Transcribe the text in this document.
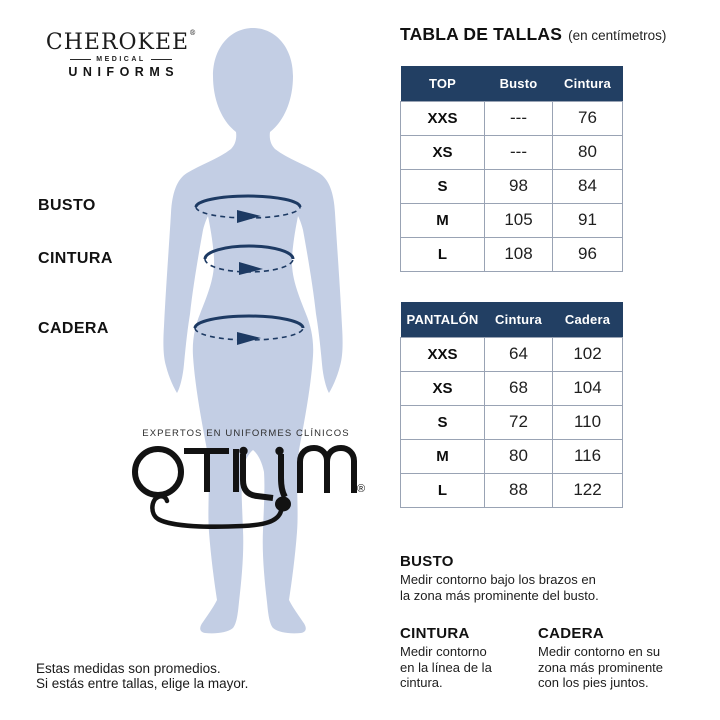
CHEROKEE®
MEDICAL
UNIFORMS
TABLA DE TALLAS (en centímetros)
BUSTO
CINTURA
CADERA
TOP	Busto	Cintura
XXS	---	76
XS	---	80
S	98	84
M	105	91
L	108	96
PANTALÓN	Cintura	Cadera
XXS	64	102
XS	68	104
S	72	110
M	80	116
L	88	122
EXPERTOS EN UNIFORMES CLÍNICOS
®
BUSTO

Medir contorno bajo los brazos en
la zona más prominente del busto.

CINTURA

Medir contorno
en la línea de la
cintura.

CADERA

Medir contorno en su
zona más prominente
con los pies juntos.

Estas medidas son promedios.
Si estás entre tallas, elige la mayor.
